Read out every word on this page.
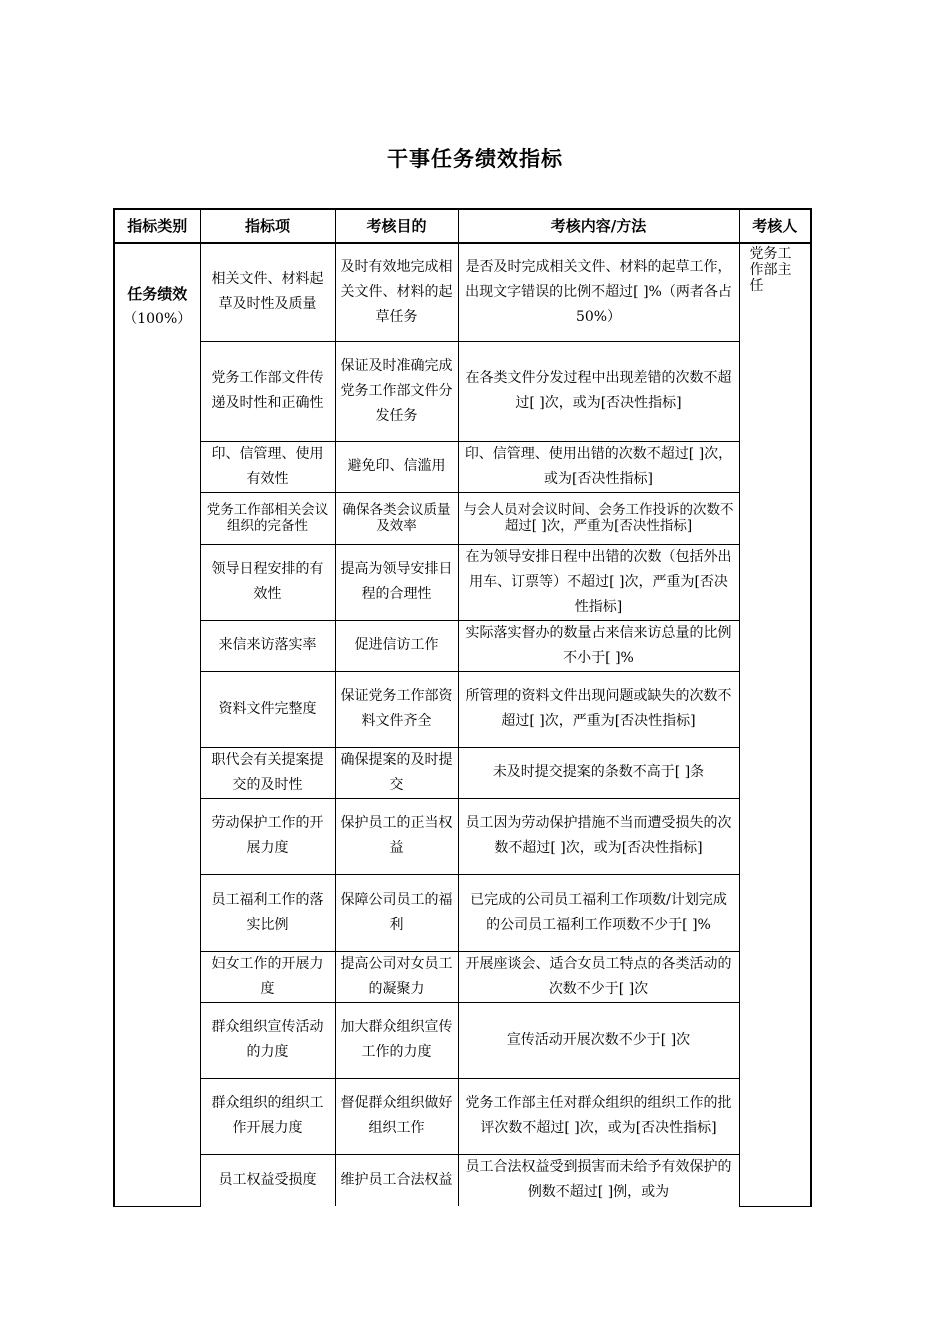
干事任务绩效指标
指标类别	指标项	考核目的	考核内容/方法	考核人

任务绩效
（100%）	相关文件、材料起草及时性及质量	及时有效地完成相关文件、材料的起草任务	是否及时完成相关文件、材料的起草工作，出现文字错误的比例不超过[ ]%（两者各占 50%）	党务工作部主任
	党务工作部文件传递及时性和正确性	保证及时准确完成党务工作部文件分发任务	在各类文件分发过程中出现差错的次数不超过[ ]次，或为[否决性指标]	
	印、信管理、使用有效性	避免印、信滥用	印、信管理、使用出错的次数不超过[ ]次，或为[否决性指标]	
	党务工作部相关会议组织的完备性	确保各类会议质量及效率	与会人员对会议时间、会务工作投诉的次数不超过[ ]次，严重为[否决性指标]	
	领导日程安排的有效性	提高为领导安排日程的合理性	在为领导安排日程中出错的次数（包括外出用车、订票等）不超过[ ]次，严重为[否决性指标]	
	来信来访落实率	促进信访工作	实际落实督办的数量占来信来访总量的比例不小于[ ]%	
	资料文件完整度	保证党务工作部资料文件齐全	所管理的资料文件出现问题或缺失的次数不超过[ ]次，严重为[否决性指标]	
	职代会有关提案提交的及时性	确保提案的及时提交	未及时提交提案的条数不高于[ ]条	
	劳动保护工作的开展力度	保护员工的正当权益	员工因为劳动保护措施不当而遭受损失的次数不超过[ ]次，或为[否决性指标]	
	员工福利工作的落实比例	保障公司员工的福利	已完成的公司员工福利工作项数/计划完成的公司员工福利工作项数不少于[ ]%	
	妇女工作的开展力度	提高公司对女员工的凝聚力	开展座谈会、适合女员工特点的各类活动的次数不少于[ ]次	
	群众组织宣传活动的力度	加大群众组织宣传工作的力度	宣传活动开展次数不少于[ ]次	
	群众组织的组织工作开展力度	督促群众组织做好组织工作	党务工作部主任对群众组织的组织工作的批评次数不超过[ ]次，或为[否决性指标]	
	员工权益受损度	维护员工合法权益	员工合法权益受到损害而未给予有效保护的例数不超过[ ]例，或为	
